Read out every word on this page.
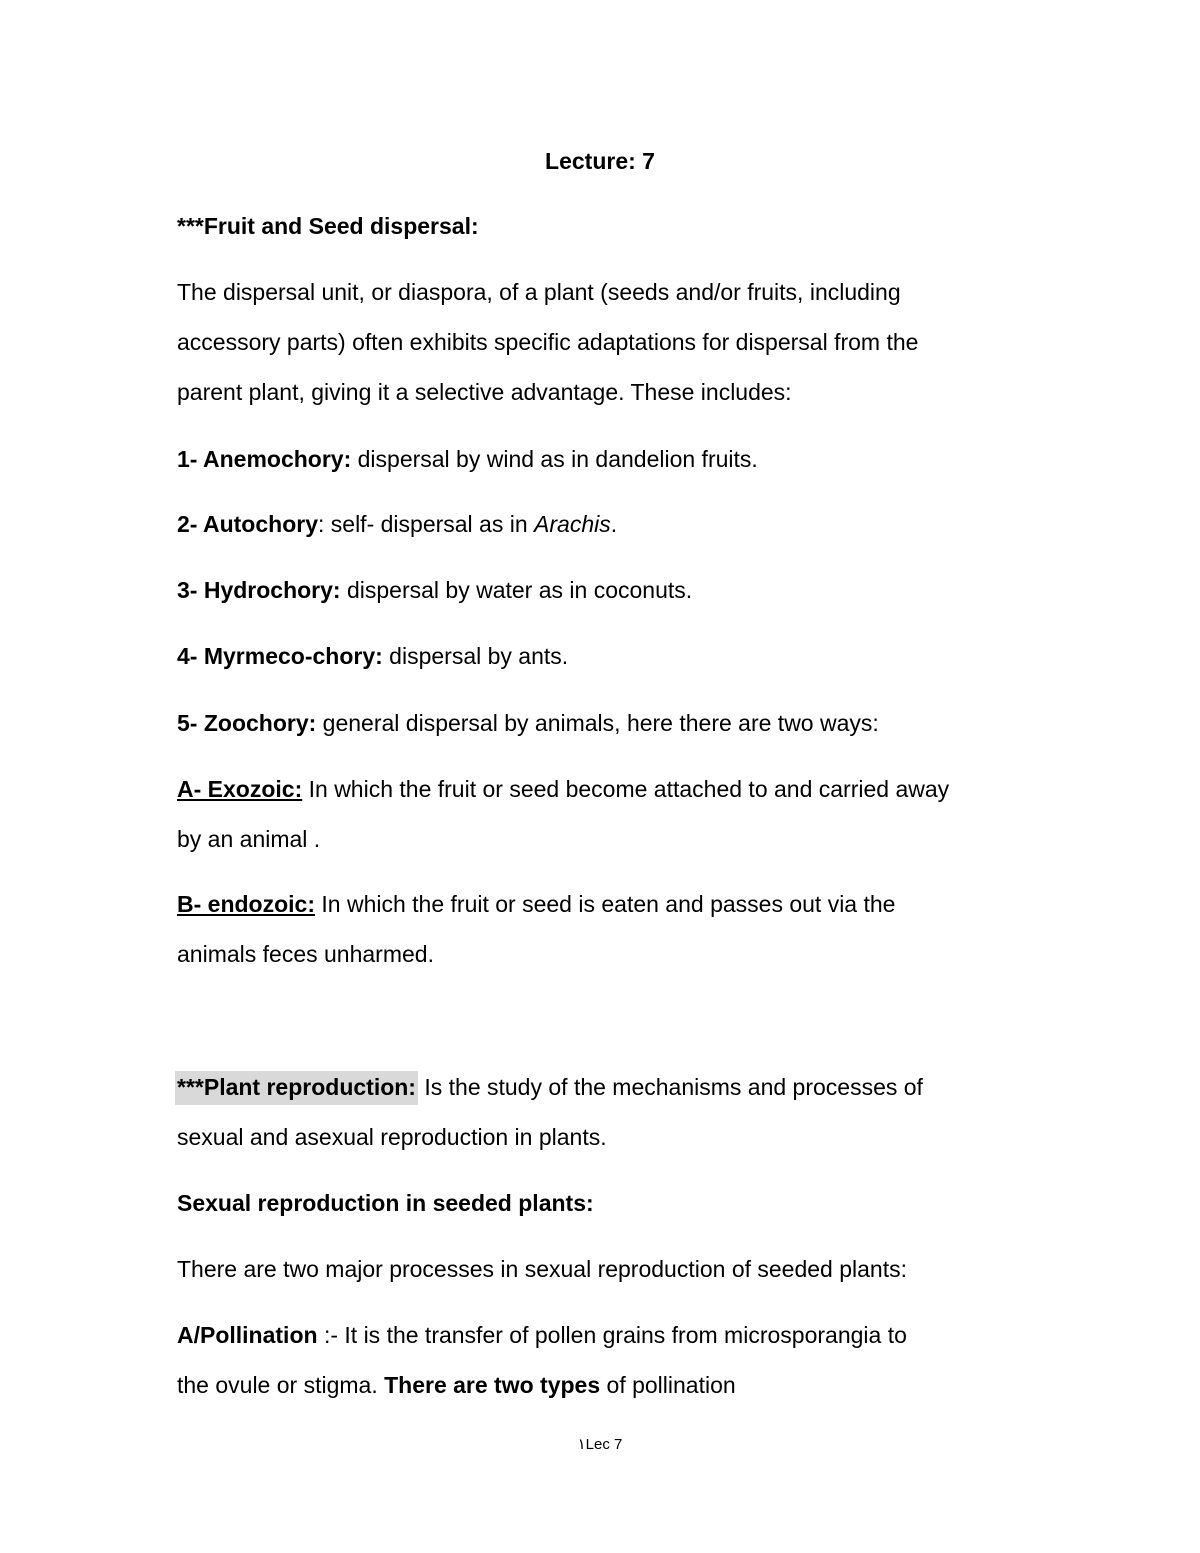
Lecture: 7
***Fruit and Seed dispersal:
The dispersal unit, or diaspora, of a plant (seeds and/or fruits, including
accessory parts) often exhibits specific adaptations for dispersal from the
parent plant, giving it a selective advantage. These includes:
1- Anemochory: dispersal by wind as in dandelion fruits.
2- Autochory: self- dispersal as in Arachis.
3- Hydrochory: dispersal by water as in coconuts.
4- Myrmeco-chory: dispersal by ants.
5- Zoochory: general dispersal by animals, here there are two ways:
A- Exozoic: In which the fruit or seed become attached to and carried away
by an animal .
B- endozoic: In which the fruit or seed is eaten and passes out via the
animals feces unharmed.
***Plant reproduction: Is the study of the mechanisms and processes of
sexual and asexual reproduction in plants.
Sexual reproduction in seeded plants:
There are two major processes in sexual reproduction of seeded plants:
A/Pollination :- It is the transfer of pollen grains from microsporangia to
the ovule or stigma. There are two types of pollination
١Lec 7
